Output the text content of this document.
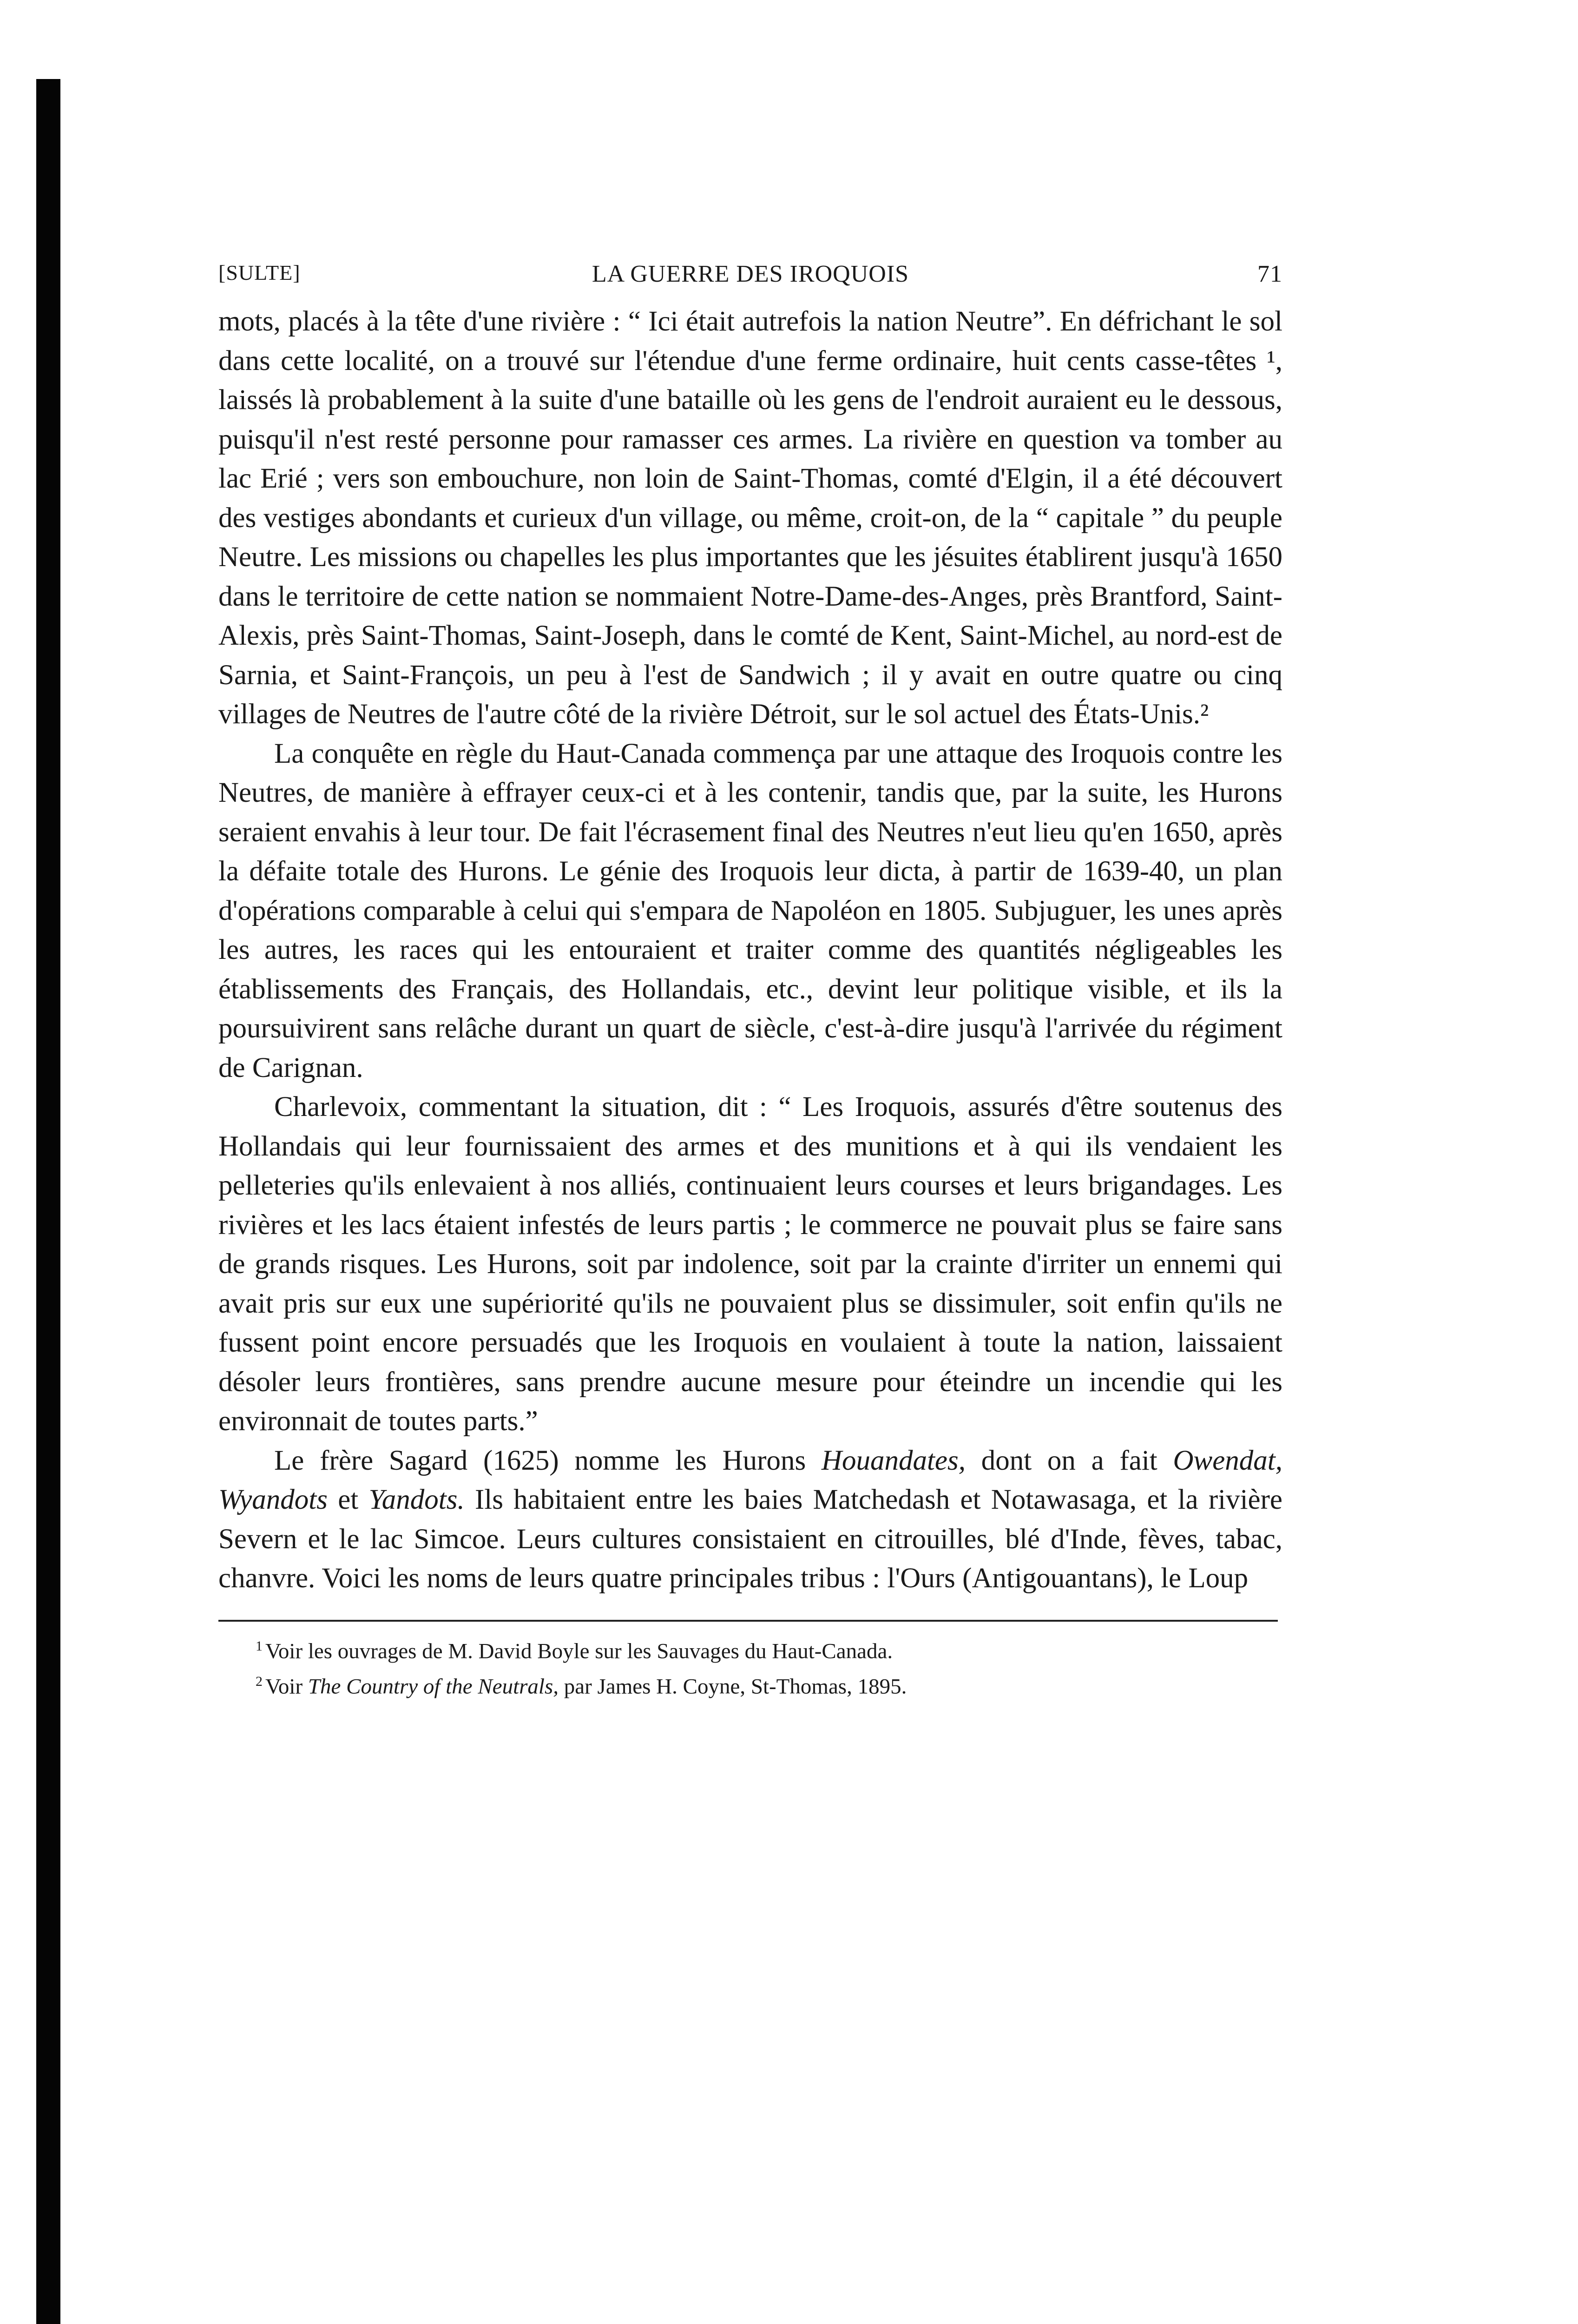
[SULTE]	LA GUERRE DES IROQUOIS	71

mots, placés à la tête d'une rivière : “ Ici était autrefois la nation Neutre”. En défrichant le sol dans cette localité, on a trouvé sur l'étendue d'une ferme ordinaire, huit cents casse-têtes ¹, laissés là probablement à la suite d'une bataille où les gens de l'endroit auraient eu le dessous, puisqu'il n'est resté personne pour ramasser ces armes. La rivière en question va tomber au lac Erié ; vers son embouchure, non loin de Saint-Thomas, comté d'Elgin, il a été découvert des vestiges abondants et curieux d'un village, ou même, croit-on, de la “ capitale ” du peuple Neutre. Les missions ou chapelles les plus importantes que les jésuites établirent jusqu'à 1650 dans le territoire de cette nation se nommaient Notre-Dame-des-Anges, près Brantford, Saint-Alexis, près Saint-Thomas, Saint-Joseph, dans le comté de Kent, Saint-Michel, au nord-est de Sarnia, et Saint-François, un peu à l'est de Sandwich ; il y avait en outre quatre ou cinq villages de Neutres de l'autre côté de la rivière Détroit, sur le sol actuel des États-Unis.²

La conquête en règle du Haut-Canada commença par une attaque des Iroquois contre les Neutres, de manière à effrayer ceux-ci et à les contenir, tandis que, par la suite, les Hurons seraient envahis à leur tour. De fait l'écrasement final des Neutres n'eut lieu qu'en 1650, après la défaite totale des Hurons. Le génie des Iroquois leur dicta, à partir de 1639-40, un plan d'opérations comparable à celui qui s'empara de Napoléon en 1805. Subjuguer, les unes après les autres, les races qui les entouraient et traiter comme des quantités négligeables les établissements des Français, des Hollandais, etc., devint leur politique visible, et ils la poursuivirent sans relâche durant un quart de siècle, c'est-à-dire jusqu'à l'arrivée du régiment de Carignan.

Charlevoix, commentant la situation, dit : “ Les Iroquois, assurés d'être soutenus des Hollandais qui leur fournissaient des armes et des munitions et à qui ils vendaient les pelleteries qu'ils enlevaient à nos alliés, continuaient leurs courses et leurs brigandages. Les rivières et les lacs étaient infestés de leurs partis ; le commerce ne pouvait plus se faire sans de grands risques. Les Hurons, soit par indolence, soit par la crainte d'irriter un ennemi qui avait pris sur eux une supériorité qu'ils ne pouvaient plus se dissimuler, soit enfin qu'ils ne fussent point encore persuadés que les Iroquois en voulaient à toute la nation, laissaient désoler leurs frontières, sans prendre aucune mesure pour éteindre un incendie qui les environnait de toutes parts.”

Le frère Sagard (1625) nomme les Hurons Houandates, dont on a fait Owendat, Wyandots et Yandots. Ils habitaient entre les baies Matchedash et Notawasaga, et la rivière Severn et le lac Simcoe. Leurs cultures consistaient en citrouilles, blé d'Inde, fèves, tabac, chanvre. Voici les noms de leurs quatre principales tribus : l'Ours (Antigouantans), le Loup

$^1$ Voir les ouvrages de M. David Boyle sur les Sauvages du Haut-Canada.
$^2$ Voir The Country of the Neutrals, par James H. Coyne, St-Thomas, 1895.
